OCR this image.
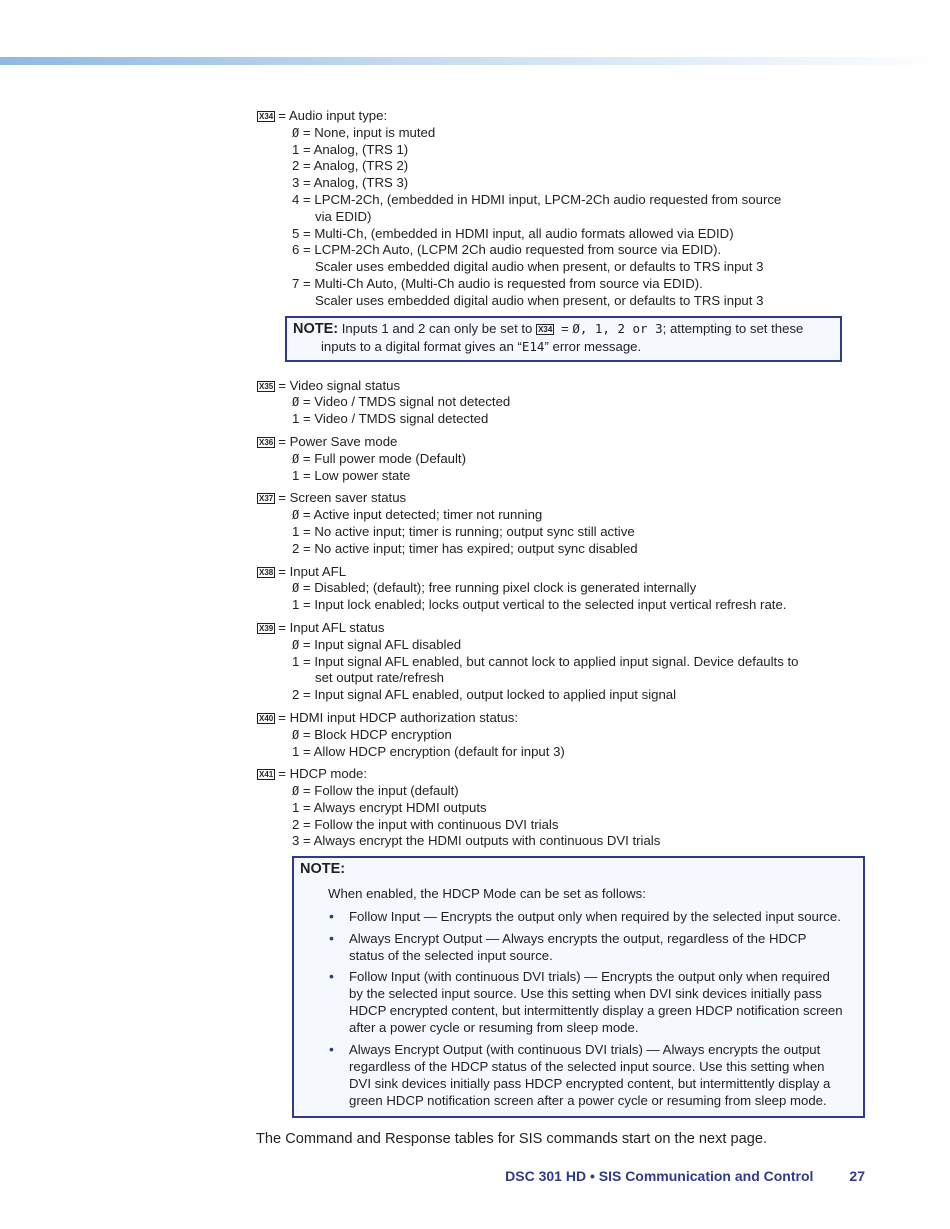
X34 = Audio input type:
Ø = None, input is muted
1 = Analog, (TRS 1)
2 = Analog, (TRS 2)
3 = Analog, (TRS 3)
4 = LPCM-2Ch, (embedded in HDMI input, LPCM-2Ch audio requested from source
via EDID)
5 = Multi-Ch, (embedded in HDMI input, all audio formats allowed via EDID)
6 = LCPM-2Ch Auto, (LCPM 2Ch audio requested from source via EDID).
Scaler uses embedded digital audio when present, or defaults to TRS input 3
7 = Multi-Ch Auto, (Multi-Ch audio is requested from source via EDID).
Scaler uses embedded digital audio when present, or defaults to TRS input 3
NOTE: Inputs 1 and 2 can only be set to X34 = Ø, 1, 2 or 3; attempting to set these
inputs to a digital format gives an “E14” error message.
X35 = Video signal status
Ø = Video / TMDS signal not detected
1 = Video / TMDS signal detected
X36 = Power Save mode
Ø = Full power mode (Default)
1 = Low power state
X37 = Screen saver status
Ø = Active input detected; timer not running
1 = No active input; timer is running; output sync still active
2 = No active input; timer has expired; output sync disabled
X38 = Input AFL
Ø = Disabled; (default); free running pixel clock is generated internally
1 = Input lock enabled; locks output vertical to the selected input vertical refresh rate.
X39 = Input AFL status
Ø = Input signal AFL disabled
1 = Input signal AFL enabled, but cannot lock to applied input signal. Device defaults to
set output rate/refresh
2 = Input signal AFL enabled, output locked to applied input signal
X40 = HDMI input HDCP authorization status:
Ø = Block HDCP encryption
1 = Allow HDCP encryption (default for input 3)
X41 = HDCP mode:
Ø = Follow the input (default)
1 = Always encrypt HDMI outputs
2 = Follow the input with continuous DVI trials
3 = Always encrypt the HDMI outputs with continuous DVI trials
NOTE:
When enabled, the HDCP Mode can be set as follows:
• Follow Input — Encrypts the output only when required by the selected input source.
• Always Encrypt Output — Always encrypts the output, regardless of the HDCP
status of the selected input source.
• Follow Input (with continuous DVI trials) — Encrypts the output only when required
by the selected input source. Use this setting when DVI sink devices initially pass
HDCP encrypted content, but intermittently display a green HDCP notification screen
after a power cycle or resuming from sleep mode.
• Always Encrypt Output (with continuous DVI trials) — Always encrypts the output
regardless of the HDCP status of the selected input source. Use this setting when
DVI sink devices initially pass HDCP encrypted content, but intermittently display a
green HDCP notification screen after a power cycle or resuming from sleep mode.
The Command and Response tables for SIS commands start on the next page.
DSC 301 HD • SIS Communication and Control	27
